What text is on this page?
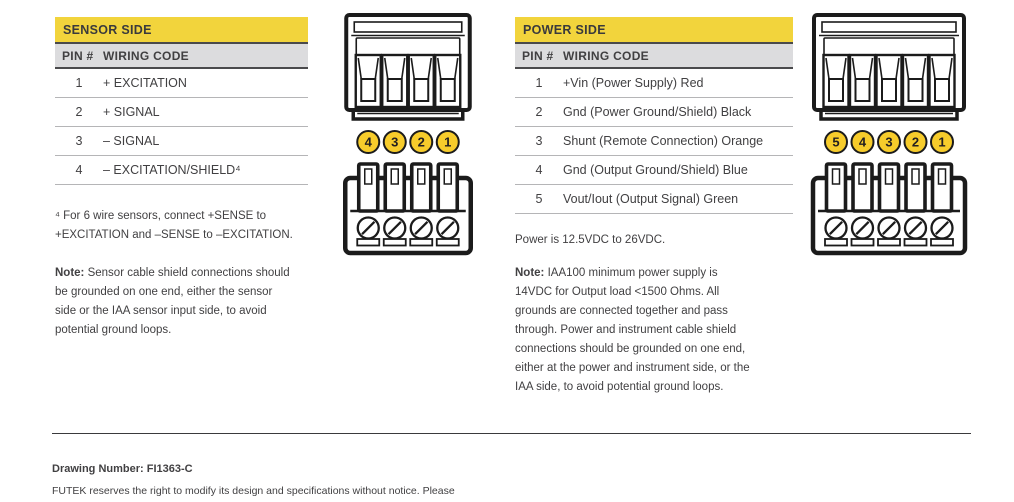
SENSOR SIDE
PIN # WIRING CODE
1	+ EXCITATION
2	+ SIGNAL
3	– SIGNAL
4	– EXCITATION/SHIELD⁴
⁴ For 6 wire sensors, connect +SENSE to +EXCITATION and –SENSE to –EXCITATION.
Note: Sensor cable shield connections should be grounded on one end, either the sensor side or the IAA sensor input side, to avoid potential ground loops.
4 3 2 1
POWER SIDE
PIN # WIRING CODE
1	+Vin (Power Supply) Red
2	Gnd (Power Ground/Shield) Black
3	Shunt (Remote Connection) Orange
4	Gnd (Output Ground/Shield) Blue
5	Vout/Iout (Output Signal) Green
Power is 12.5VDC to 26VDC.
Note: IAA100 minimum power supply is 14VDC for Output load <1500 Ohms. All grounds are connected together and pass through. Power and instrument cable shield connections should be grounded on one end, either at the power and instrument side, or the IAA side, to avoid potential ground loops.
5 4 3 2 1
Drawing Number: FI1363-C
FUTEK reserves the right to modify its design and specifications without notice. Please
